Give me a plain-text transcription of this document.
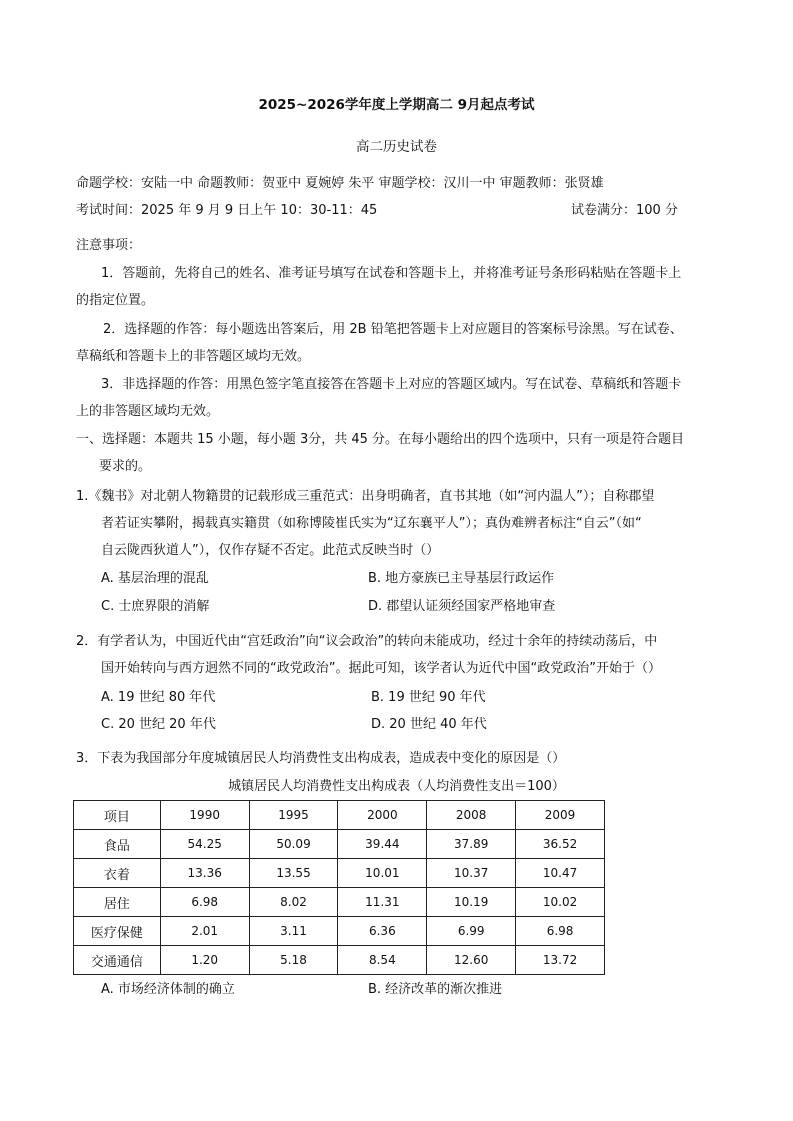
2025~2026学年度上学期高二 9月起点考试
高二历史试卷
命题学校：安陆一中 命题教师：贺亚中 夏婉婷 朱平 审题学校：汉川一中 审题教师：张贤雄
考试时间：2025 年 9 月 9 日上午 10：30-11：45	试卷满分：100 分
注意事项：
1．答题前，先将自己的姓名、准考证号填写在试卷和答题卡上，并将准考证号条形码粘贴在答题卡上
的指定位置。
2．选择题的作答：每小题选出答案后，用 2B 铅笔把答题卡上对应题目的答案标号涂黑。写在试卷、
草稿纸和答题卡上的非答题区域均无效。
3．非选择题的作答：用黑色签字笔直接答在答题卡上对应的答题区域内。写在试卷、草稿纸和答题卡
上的非答题区域均无效。
一、选择题：本题共 15 小题，每小题 3分，共 45 分。在每小题给出的四个选项中，只有一项是符合题目
要求的。
1.《魏书》对北朝人物籍贯的记载形成三重范式：出身明确者，直书其地（如“河内温人”）；自称郡望
者若证实攀附，揭载真实籍贯（如称博陵崔氏实为“辽东襄平人”）；真伪难辨者标注“自云”（如“
自云陇西狄道人”），仅作存疑不否定。此范式反映当时（）
A. 基层治理的混乱	B. 地方豪族已主导基层行政运作
C. 士庶界限的消解	D. 郡望认证须经国家严格地审查
2．有学者认为，中国近代由“宫廷政治”向“议会政治”的转向未能成功，经过十余年的持续动荡后，中
国开始转向与西方迥然不同的“政党政治”。据此可知，该学者认为近代中国“政党政治”开始于（）
A. 19 世纪 80 年代	B. 19 世纪 90 年代
C. 20 世纪 20 年代	D. 20 世纪 40 年代
3．下表为我国部分年度城镇居民人均消费性支出构成表，造成表中变化的原因是（）
城镇居民人均消费性支出构成表（人均消费性支出＝100）
项目	1990	1995	2000	2008	2009
食品	54.25	50.09	39.44	37.89	36.52
衣着	13.36	13.55	10.01	10.37	10.47
居住	6.98	8.02	11.31	10.19	10.02
医疗保健	2.01	3.11	6.36	6.99	6.98
交通通信	1.20	5.18	8.54	12.60	13.72
A. 市场经济体制的确立	B. 经济改革的渐次推进
